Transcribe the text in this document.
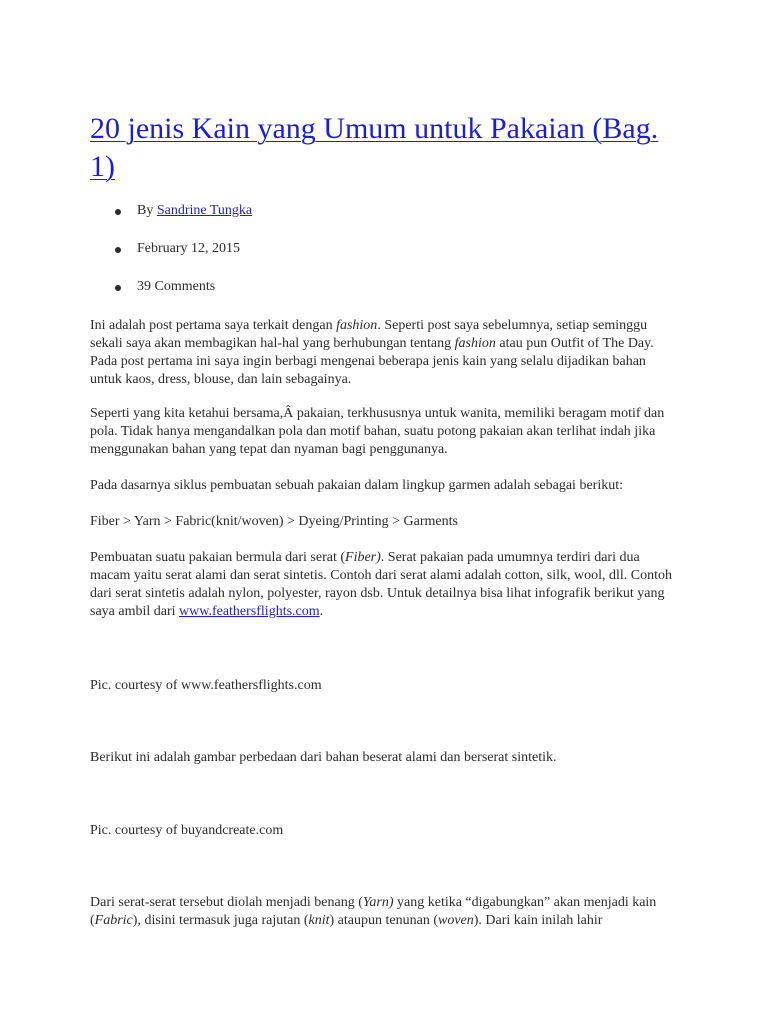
20 jenis Kain yang Umum untuk Pakaian (Bag. 1)
By Sandrine Tungka
February 12, 2015
39 Comments

Ini adalah post pertama saya terkait dengan fashion. Seperti post saya sebelumnya, setiap seminggu sekali saya akan membagikan hal-hal yang berhubungan tentang fashion atau pun Outfit of The Day. Pada post pertama ini saya ingin berbagi mengenai beberapa jenis kain yang selalu dijadikan bahan untuk kaos, dress, blouse, dan lain sebagainya.

Seperti yang kita ketahui bersama,Â pakaian, terkhususnya untuk wanita, memiliki beragam motif dan pola. Tidak hanya mengandalkan pola dan motif bahan, suatu potong pakaian akan terlihat indah jika menggunakan bahan yang tepat dan nyaman bagi penggunanya.

Pada dasarnya siklus pembuatan sebuah pakaian dalam lingkup garmen adalah sebagai berikut:

Fiber > Yarn > Fabric(knit/woven) > Dyeing/Printing > Garments

Pembuatan suatu pakaian bermula dari serat (Fiber). Serat pakaian pada umumnya terdiri dari dua macam yaitu serat alami dan serat sintetis. Contoh dari serat alami adalah cotton, silk, wool, dll. Contoh dari serat sintetis adalah nylon, polyester, rayon dsb. Untuk detailnya bisa lihat infografik berikut yang saya ambil dari www.feathersflights.com.

Pic. courtesy of www.feathersflights.com

Berikut ini adalah gambar perbedaan dari bahan beserat alami dan berserat sintetik.

Pic. courtesy of buyandcreate.com

Dari serat-serat tersebut diolah menjadi benang (Yarn) yang ketika “digabungkan” akan menjadi kain (Fabric), disini termasuk juga rajutan (knit) ataupun tenunan (woven). Dari kain inilah lahir
